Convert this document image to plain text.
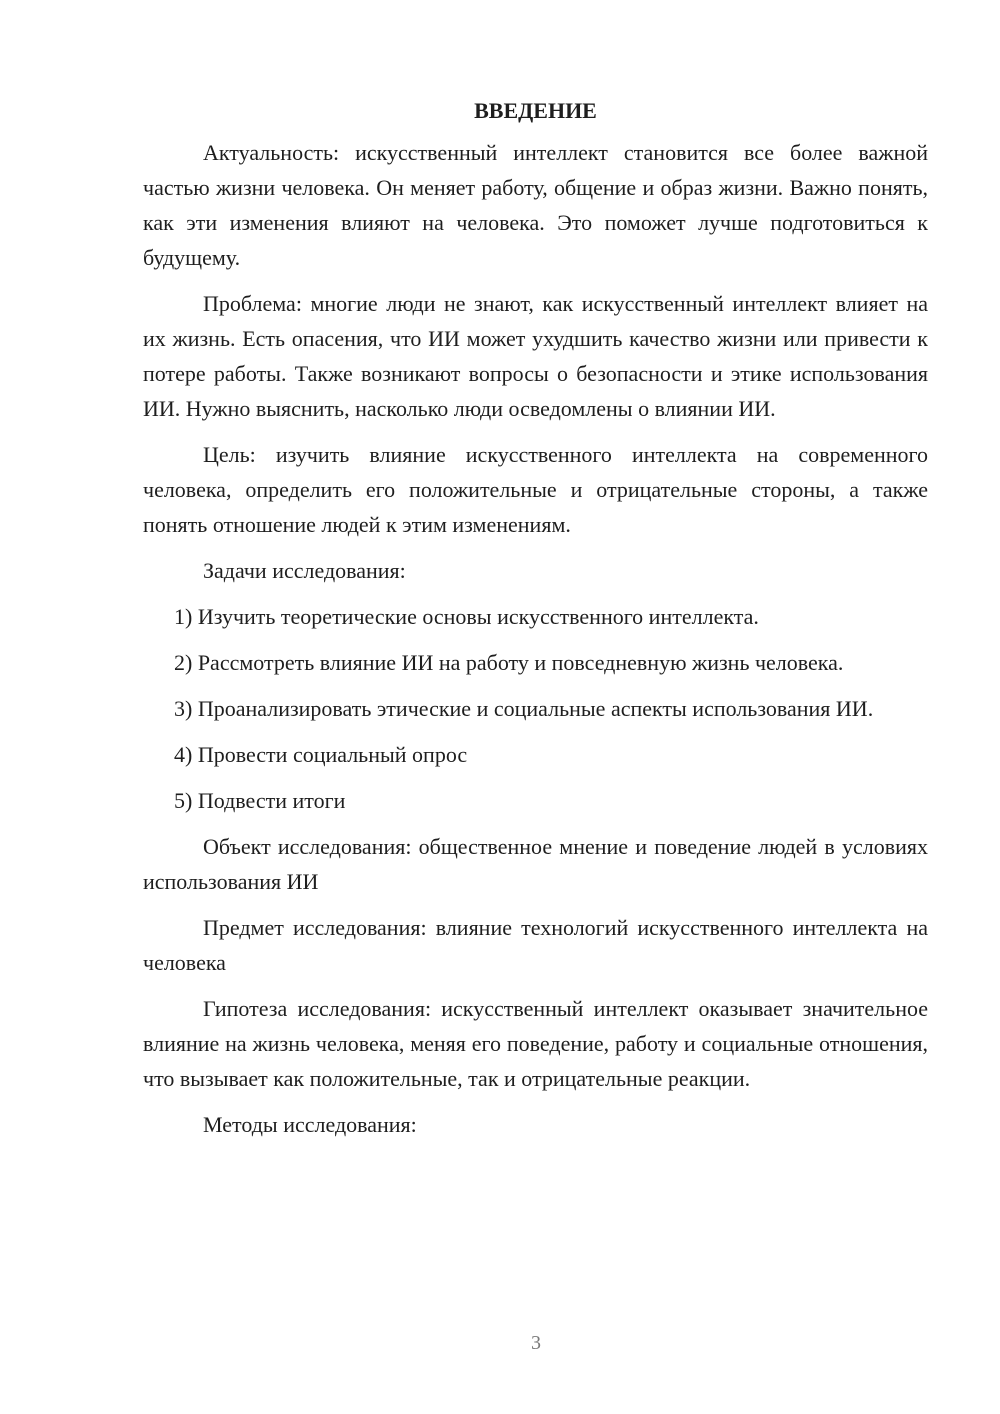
ВВЕДЕНИЕ

Актуальность: искусственный интеллект становится все более важной частью жизни человека. Он меняет работу, общение и образ жизни. Важно понять, как эти изменения влияют на человека. Это поможет лучше подготовиться к будущему.

Проблема: многие люди не знают, как искусственный интеллект влияет на их жизнь. Есть опасения, что ИИ может ухудшить качество жизни или привести к потере работы. Также возникают вопросы о безопасности и этике использования ИИ. Нужно выяснить, насколько люди осведомлены о влиянии ИИ.

Цель: изучить влияние искусственного интеллекта на современного человека, определить его положительные и отрицательные стороны, а также понять отношение людей к этим изменениям.

Задачи исследования:

1) Изучить теоретические основы искусственного интеллекта.

2) Рассмотреть влияние ИИ на работу и повседневную жизнь человека.

3) Проанализировать этические и социальные аспекты использования ИИ.

4) Провести социальный опрос

5) Подвести итоги

Объект исследования: общественное мнение и поведение людей в условиях использования ИИ

Предмет исследования: влияние технологий искусственного интеллекта на человека

Гипотеза исследования: искусственный интеллект оказывает значительное влияние на жизнь человека, меняя его поведение, работу и социальные отношения, что вызывает как положительные, так и отрицательные реакции.

Методы исследования:

3
